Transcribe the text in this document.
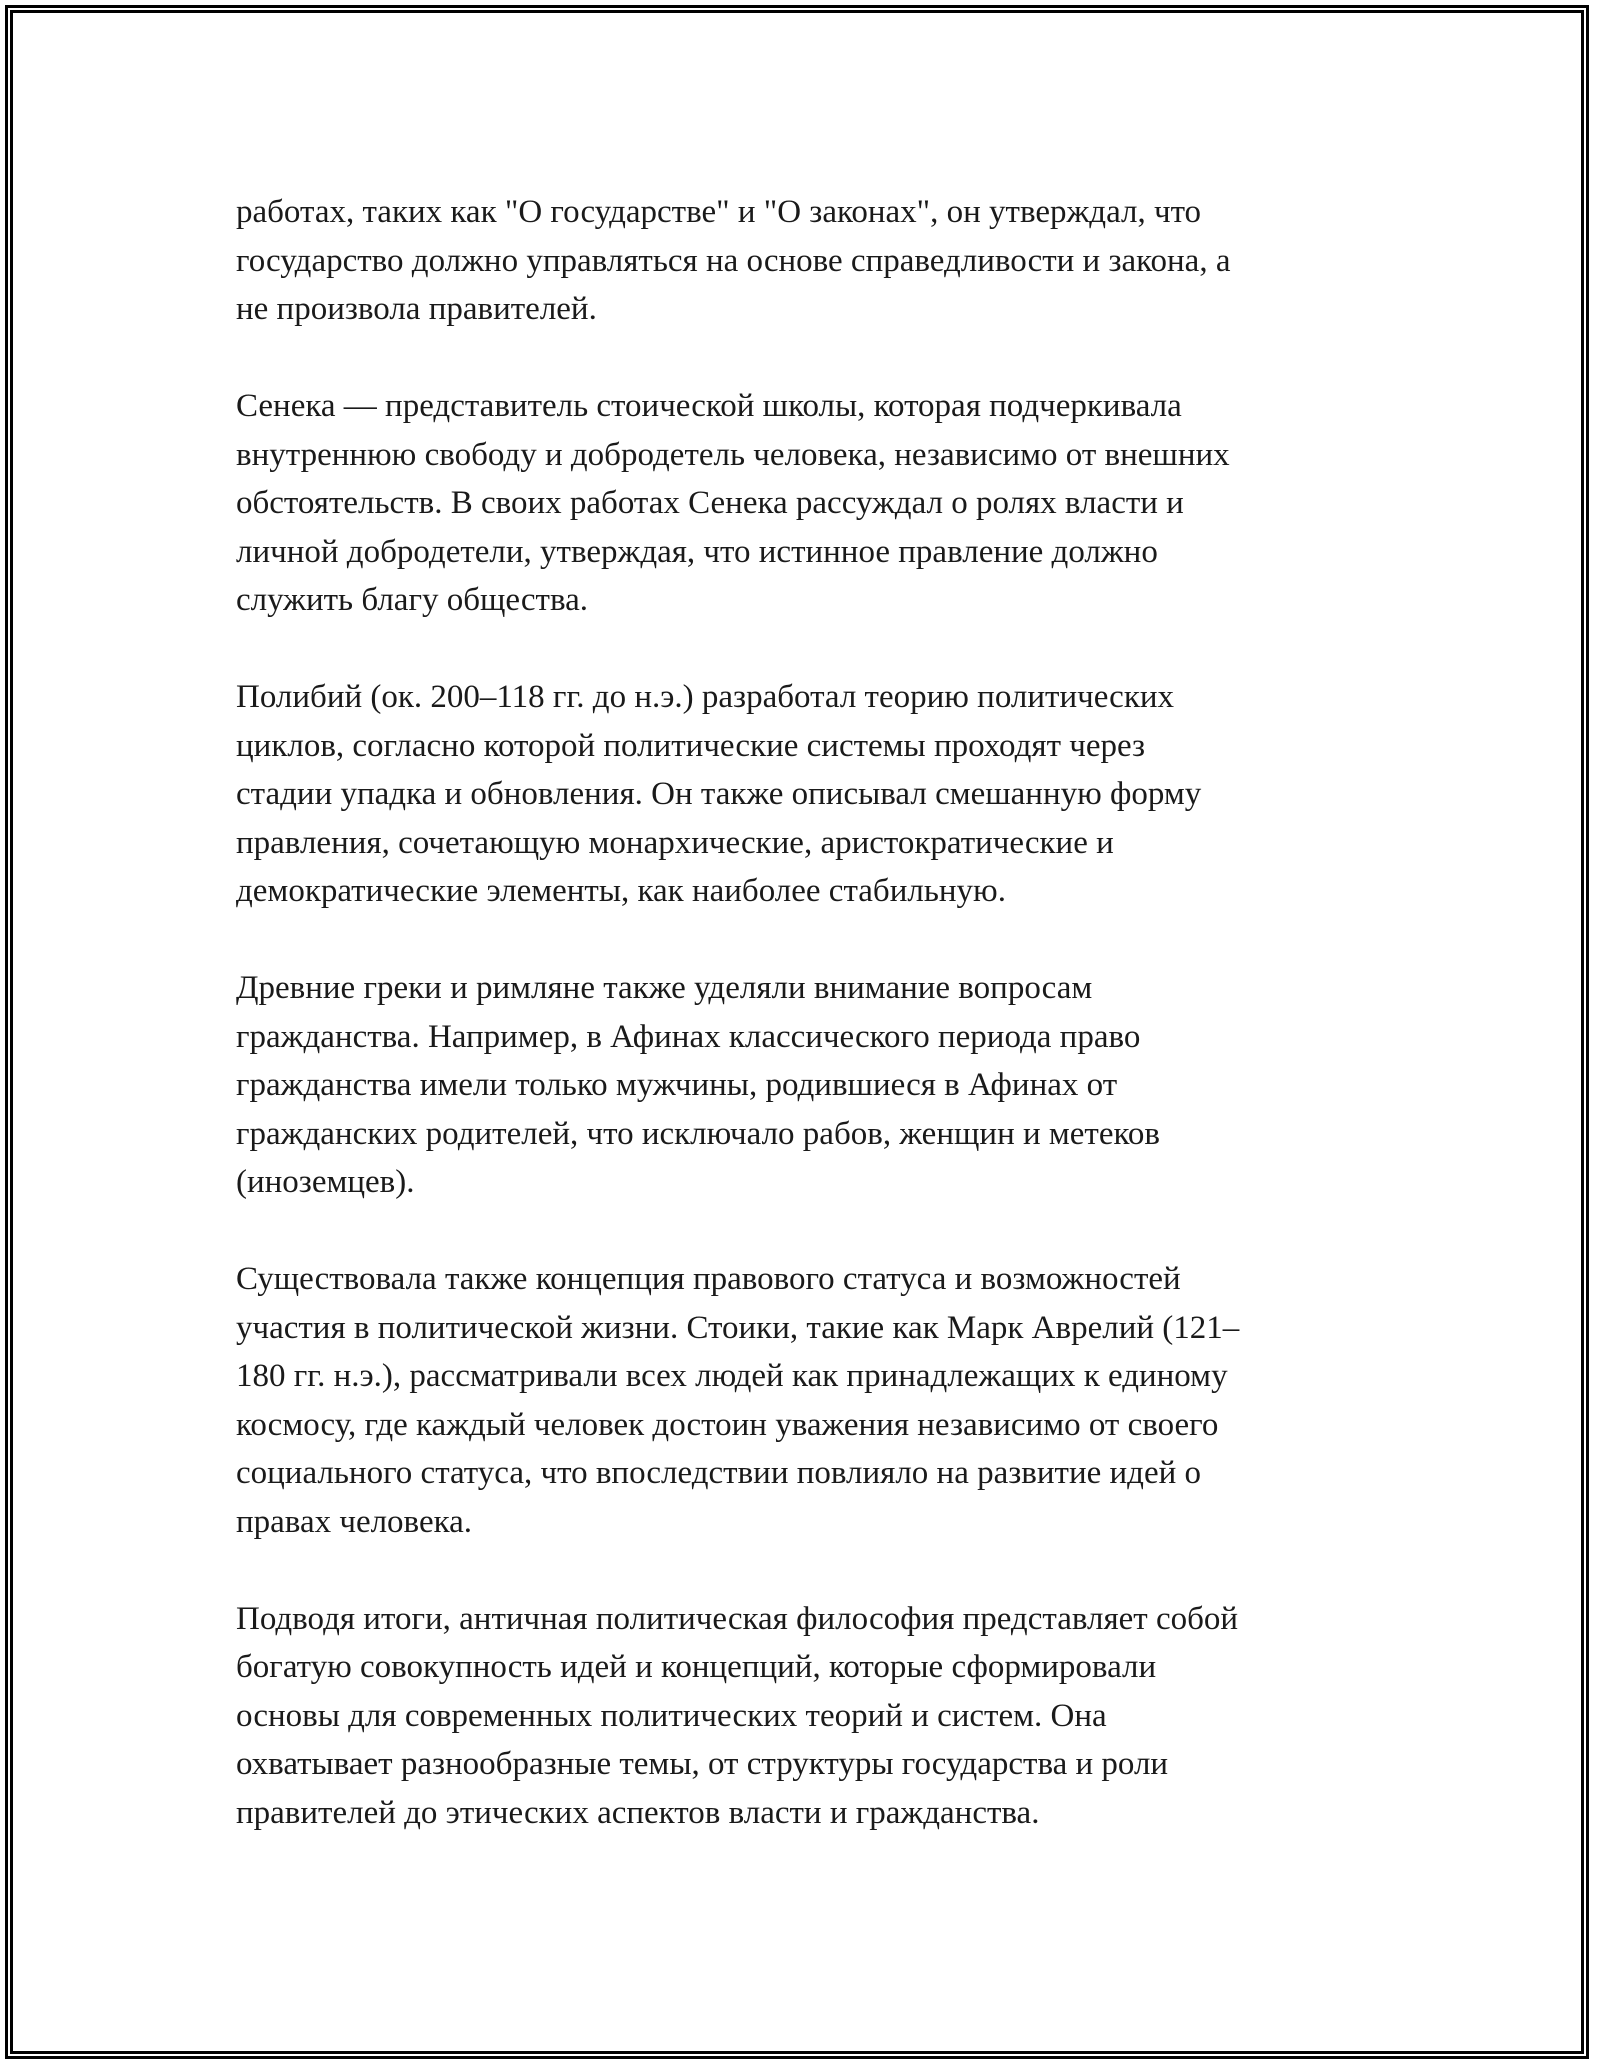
работах, таких как "О государстве" и "О законах", он утверждал, что
государство должно управляться на основе справедливости и закона, а
не произвола правителей.

Сенека — представитель стоической школы, которая подчеркивала
внутреннюю свободу и добродетель человека, независимо от внешних
обстоятельств. В своих работах Сенека рассуждал о ролях власти и
личной добродетели, утверждая, что истинное правление должно
служить благу общества.

Полибий (ок. 200–118 гг. до н.э.) разработал теорию политических
циклов, согласно которой политические системы проходят через
стадии упадка и обновления. Он также описывал смешанную форму
правления, сочетающую монархические, аристократические и
демократические элементы, как наиболее стабильную.

Древние греки и римляне также уделяли внимание вопросам
гражданства. Например, в Афинах классического периода право
гражданства имели только мужчины, родившиеся в Афинах от
гражданских родителей, что исключало рабов, женщин и метеков
(иноземцев).

Существовала также концепция правового статуса и возможностей
участия в политической жизни. Стоики, такие как Марк Аврелий (121–
180 гг. н.э.), рассматривали всех людей как принадлежащих к единому
космосу, где каждый человек достоин уважения независимо от своего
социального статуса, что впоследствии повлияло на развитие идей о
правах человека.

Подводя итоги, античная политическая философия представляет собой
богатую совокупность идей и концепций, которые сформировали
основы для современных политических теорий и систем. Она
охватывает разнообразные темы, от структуры государства и роли
правителей до этических аспектов власти и гражданства.
